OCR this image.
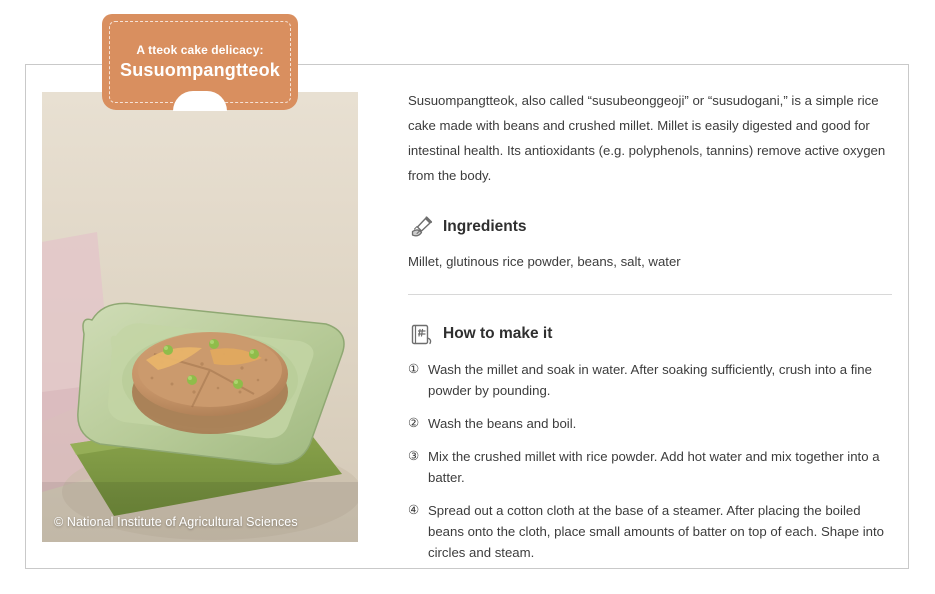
A tteok cake delicacy:
Susuompangtteok
© National Institute of Agricultural Sciences

Susuompangtteok, also called “susubeonggeoji” or “susudogani,” is a simple rice cake made with beans and crushed millet. Millet is easily digested and good for intestinal health. Its antioxidants (e.g. polyphenols, tannins) remove active oxygen from the body.

Ingredients

Millet, glutinous rice powder, beans, salt, water

How to make it
① Wash the millet and soak in water. After soaking sufficiently, crush into a fine powder by pounding.
② Wash the beans and boil.
③ Mix the crushed millet with rice powder. Add hot water and mix together into a batter.
④ Spread out a cotton cloth at the base of a steamer. After placing the boiled beans onto the cloth, place small amounts of batter on top of each. Shape into circles and steam.
